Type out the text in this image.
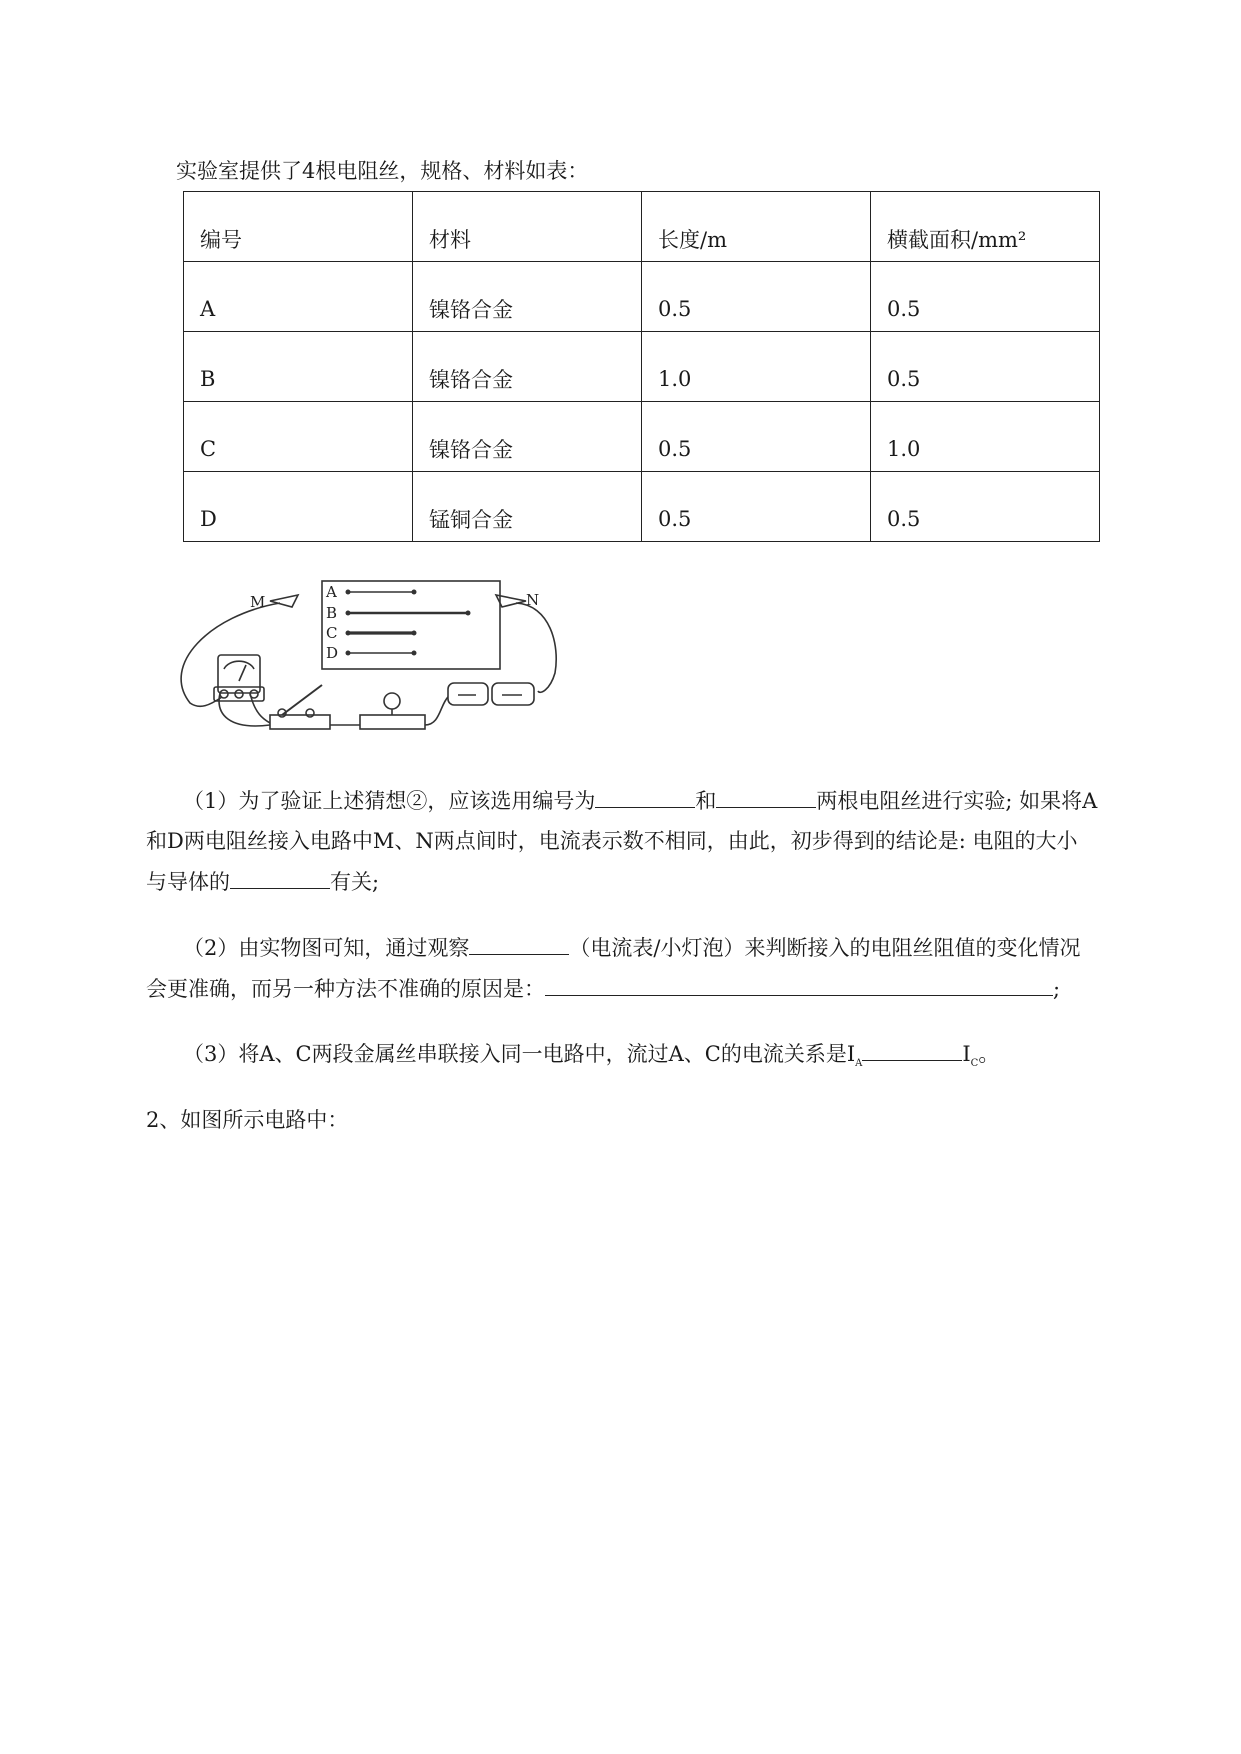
实验室提供了4根电阻丝，规格、材料如表：
编号	材料	长度/m	横截面积/mm²
A	镍铬合金	0.5	0.5
B	镍铬合金	1.0	0.5
C	镍铬合金	0.5	1.0
D	锰铜合金	0.5	0.5
M	N
A
B
C
D
（1）为了验证上述猜想②，应该选用编号为	和	两根电阻丝进行实验; 如果将A
和D两电阻丝接入电路中M、N两点间时，电流表示数不相同，由此，初步得到的结论是: 电阻的大小
与导体的	有关;
（2）由实物图可知，通过观察	（电流表/小灯泡）来判断接入的电阻丝阻值的变化情况
会更准确，而另一种方法不准确的原因是：	;
（3）将A、C两段金属丝串联接入同一电路中，流过A、C的电流关系是$I_A$	$I_C$。
2、如图所示电路中：
